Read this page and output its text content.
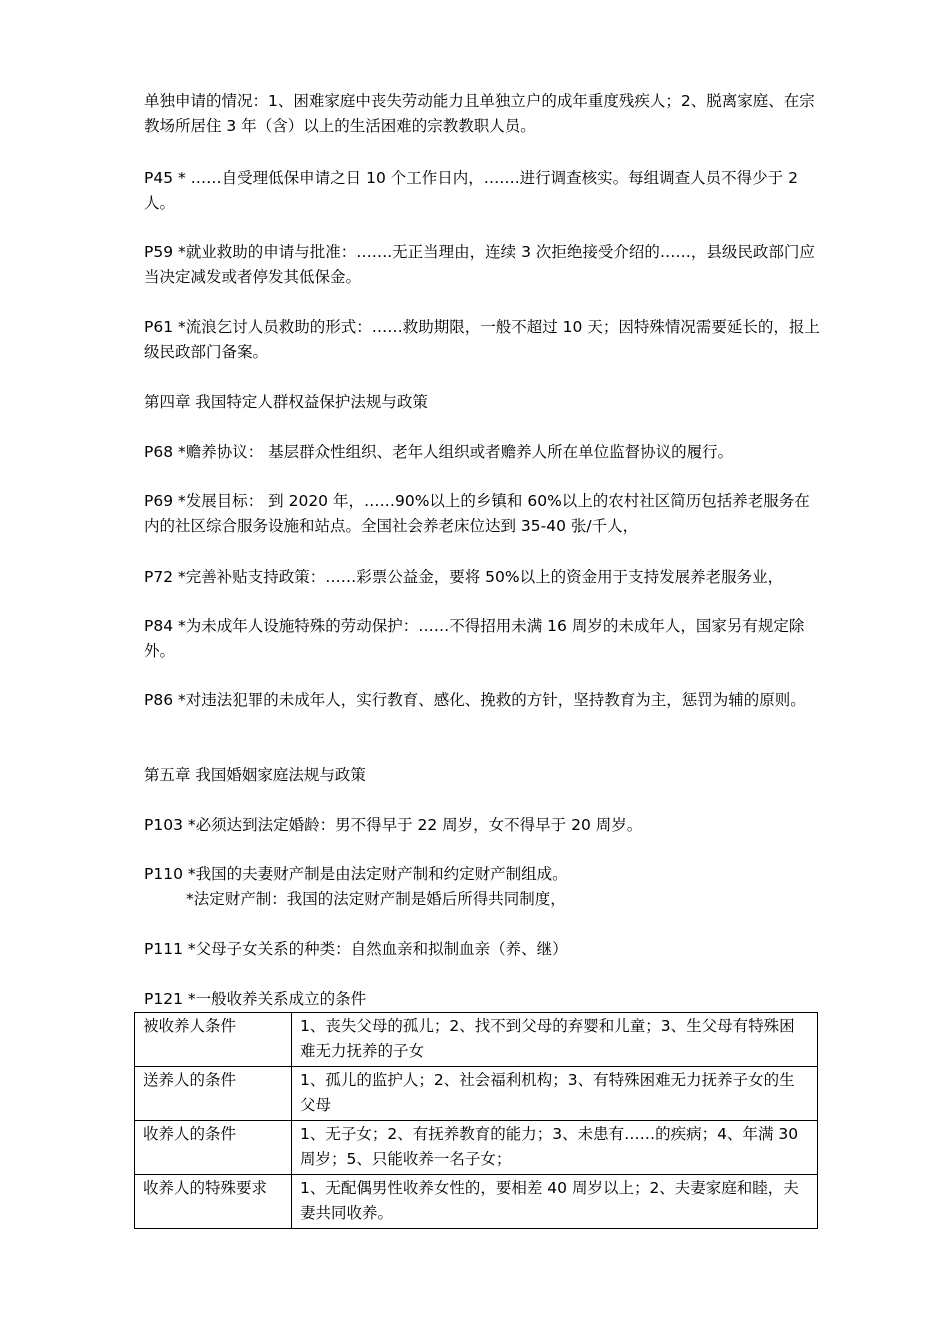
单独申请的情况：1、困难家庭中丧失劳动能力且单独立户的成年重度残疾人；2、脱离家庭、在宗教场所居住 3 年（含）以上的生活困难的宗教教职人员。

P45 * ……自受理低保申请之日 10 个工作日内，…….进行调查核实。每组调查人员不得少于 2 人。

P59 *就业救助的申请与批准：…….无正当理由，连续 3 次拒绝接受介绍的……，县级民政部门应当决定减发或者停发其低保金。

P61 *流浪乞讨人员救助的形式：……救助期限，一般不超过 10 天；因特殊情况需要延长的，报上级民政部门备案。

第四章 我国特定人群权益保护法规与政策

P68 *赡养协议： 基层群众性组织、老年人组织或者赡养人所在单位监督协议的履行。

P69 *发展目标： 到 2020 年，……90%以上的乡镇和 60%以上的农村社区简历包括养老服务在内的社区综合服务设施和站点。全国社会养老床位达到 35-40 张/千人，

P72 *完善补贴支持政策：……彩票公益金，要将 50%以上的资金用于支持发展养老服务业，

P84 *为未成年人设施特殊的劳动保护：……不得招用未满 16 周岁的未成年人，国家另有规定除外。

P86 *对违法犯罪的未成年人，实行教育、感化、挽救的方针，坚持教育为主，惩罚为辅的原则。

第五章 我国婚姻家庭法规与政策

P103 *必须达到法定婚龄：男不得早于 22 周岁，女不得早于 20 周岁。

P110 *我国的夫妻财产制是由法定财产制和约定财产制组成。

*法定财产制：我国的法定财产制是婚后所得共同制度，

P111 *父母子女关系的种类：自然血亲和拟制血亲（养、继）

P121 *一般收养关系成立的条件

被收养人条件	1、丧失父母的孤儿；2、找不到父母的弃婴和儿童；3、生父母有特殊困难无力抚养的子女
送养人的条件	1、孤儿的监护人；2、社会福利机构；3、有特殊困难无力抚养子女的生父母
收养人的条件	1、无子女；2、有抚养教育的能力；3、未患有……的疾病；4、年满 30 周岁；5、只能收养一名子女；
收养人的特殊要求	1、无配偶男性收养女性的，要相差 40 周岁以上；2、夫妻家庭和睦，夫妻共同收养。
